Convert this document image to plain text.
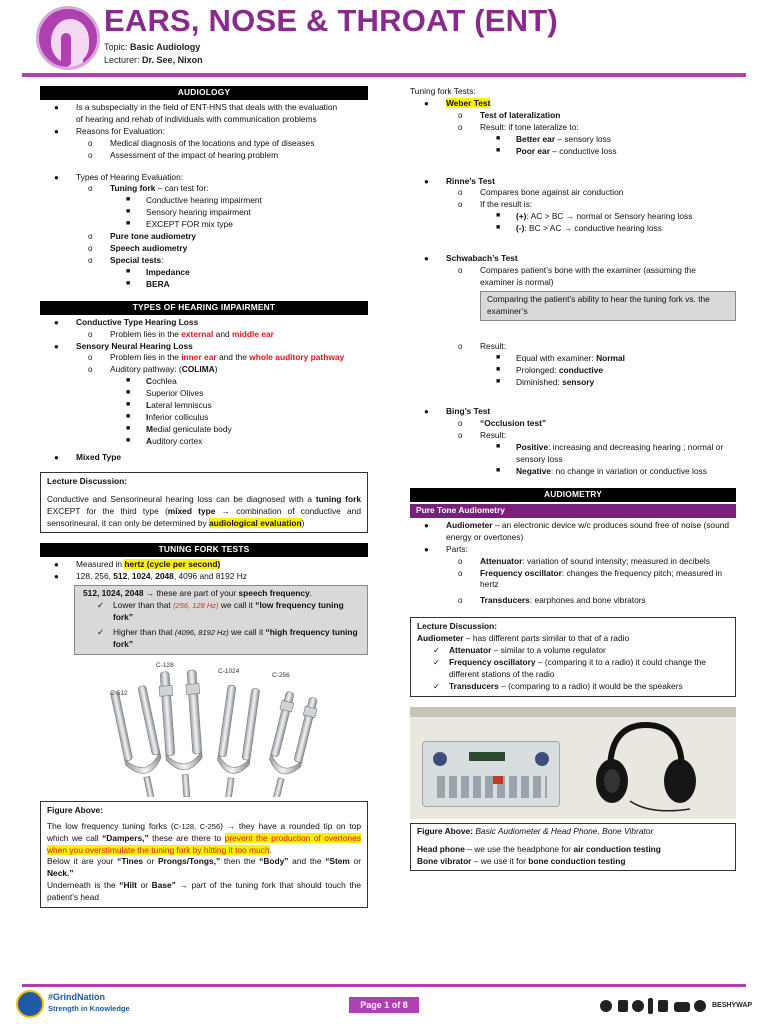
EARS, NOSE & THROAT (ENT)
Topic: Basic Audiology
Lecturer: Dr. See, Nixon
AUDIOLOGY
● Is a subspecialty in the field of ENT-HNS that deals with the evaluation
of hearing and rehab of individuals with communication problems
● Reasons for Evaluation:
o Medical diagnosis of the locations and type of diseases
o Assessment of the impact of hearing problem
● Types of Hearing Evaluation:
o Tuning fork – can test for:
■ Conductive hearing impairment
■ Sensory hearing impairment
■ EXCEPT FOR mix type
o Pure tone audiometry
o Speech audiometry
o Special tests:
■ Impedance
■ BERA
TYPES OF HEARING IMPAIRMENT
● Conductive Type Hearing Loss
o Problem lies in the external and middle ear
● Sensory Neural Hearing Loss
o Problem lies in the inner ear and the whole auditory pathway
o Auditory pathway: (COLIMA)
■ Cochlea
■ Superior Olives
■ Lateral lemniscus
■ Inferior colliculus
■ Medial geniculate body
■ Auditory cortex
● Mixed Type
Lecture Discussion:
Conductive and Sensorineural hearing loss can be diagnosed with a tuning fork EXCEPT for the third type (mixed type → combination of conductive and sensorineural, it can only be determined by audiological evaluation)
TUNING FORK TESTS
● Measured in hertz (cycle per second)
● 128, 256, 512, 1024, 2048, 4096 and 8192 Hz
512, 1024, 2048 → these are part of your speech frequency.
✓ Lower than that (256, 128 Hz) we call it “low frequency tuning fork”
✓ Higher than that (4096, 8192 Hz) we call it “high frequency tuning fork”
C-512
C-128
C-1024
C-256
Figure Above:
The low frequency tuning forks (C-128, C-256) → they have a rounded tip on top which we call “Dampers,” these are there to prevent the production of overtones when you overstimulate the tuning fork by hitting it too much.
Below it are your “Tines or Prongs/Tongs,” then the “Body” and the “Stem or Neck.”
Underneath is the “Hilt or Base” → part of the tuning fork that should touch the patient’s head
Tuning fork Tests:
● Weber Test
o Test of lateralization
o Result: if tone lateralize to:
■ Better ear – sensory loss
■ Poor ear – conductive loss
● Rinne’s Test
o Compares bone against air conduction
o If the result is:
■ (+): AC > BC → normal or Sensory hearing loss
■ (-): BC > AC → conductive hearing loss
● Schwabach’s Test
o Compares patient’s bone with the examiner (assuming the
examiner is normal)
Comparing the patient’s ability to hear the tuning fork vs. the examiner’s
o Result:
■ Equal with examiner: Normal
■ Prolonged: conductive
■ Diminished: sensory
● Bing’s Test
o “Occlusion test”
o Result:
■ Positive: increasing and decreasing hearing ; normal or sensory loss
■ Negative: no change in variation or conductive loss
AUDIOMETRY
Pure Tone Audiometry
● Audiometer – an electronic device w/c produces sound free of noise (sound energy or overtones)
● Parts:
o Attenuator: variation of sound intensity; measured in decibels
o Frequency oscillator: changes the frequency pitch; measured in hertz
o Transducers: earphones and bone vibrators
Lecture Discussion:
Audiometer – has different parts similar to that of a radio
✓ Attenuator – similar to a volume regulator
✓ Frequency oscillatory – (comparing it to a radio) it could change the different stations of the radio
✓ Transducers – (comparing to a radio) it would be the speakers
Figure Above: Basic Audiometer & Head Phone, Bone Vibrator
Head phone – we use the headphone for air conduction testing
Bone vibrator – we use it for bone conduction testing
#GrindNation
Strength in Knowledge	Page 1 of 8	BESHYWAP
